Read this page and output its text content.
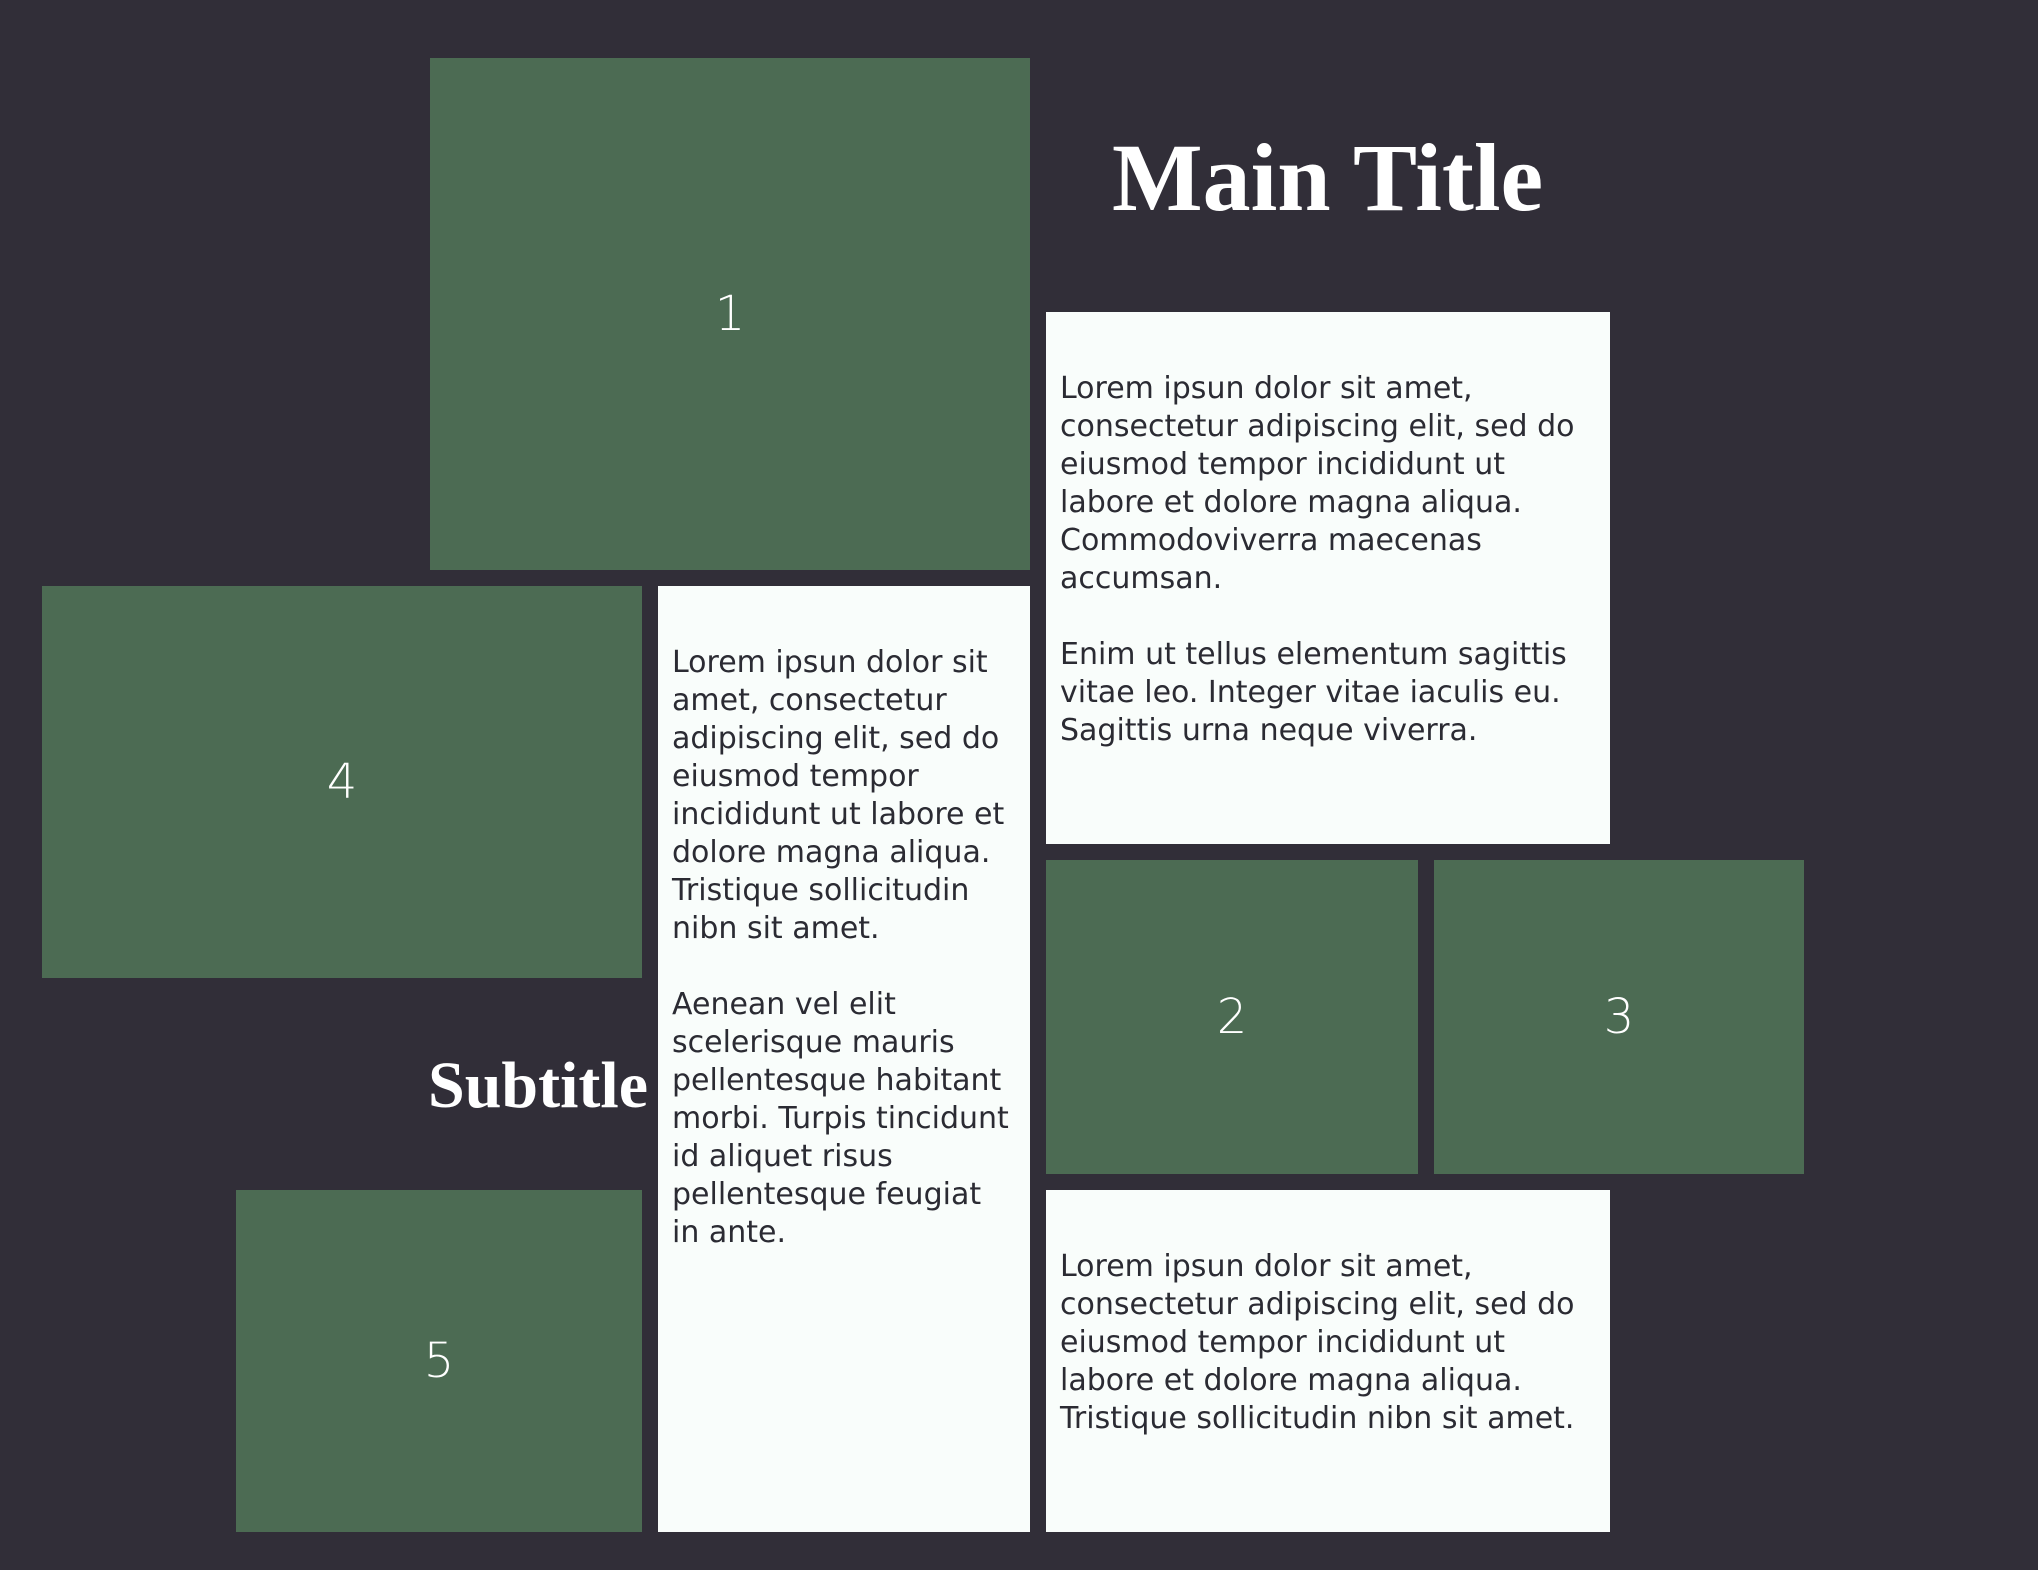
1
Main Title

Lorem ipsun dolor sit amet, consectetur adipiscing elit, sed do eiusmod tempor incididunt ut labore et dolore magna aliqua. Commodoviverra maecenas accumsan.

Enim ut tellus elementum sagittis vitae leo. Integer vitae iaculis eu. Sagittis urna neque viverra.

4

Lorem ipsun dolor sit amet, consectetur adipiscing elit, sed do eiusmod tempor incididunt ut labore et dolore magna aliqua. Tristique sollicitudin nibn sit amet.

Aenean vel elit scelerisque mauris pellentesque habitant morbi. Turpis tincidunt id aliquet risus pellentesque feugiat in ante.

2	3
Subtitle
5

Lorem ipsun dolor sit amet, consectetur adipiscing elit, sed do eiusmod tempor incididunt ut labore et dolore magna aliqua. Tristique sollicitudin nibn sit amet.
